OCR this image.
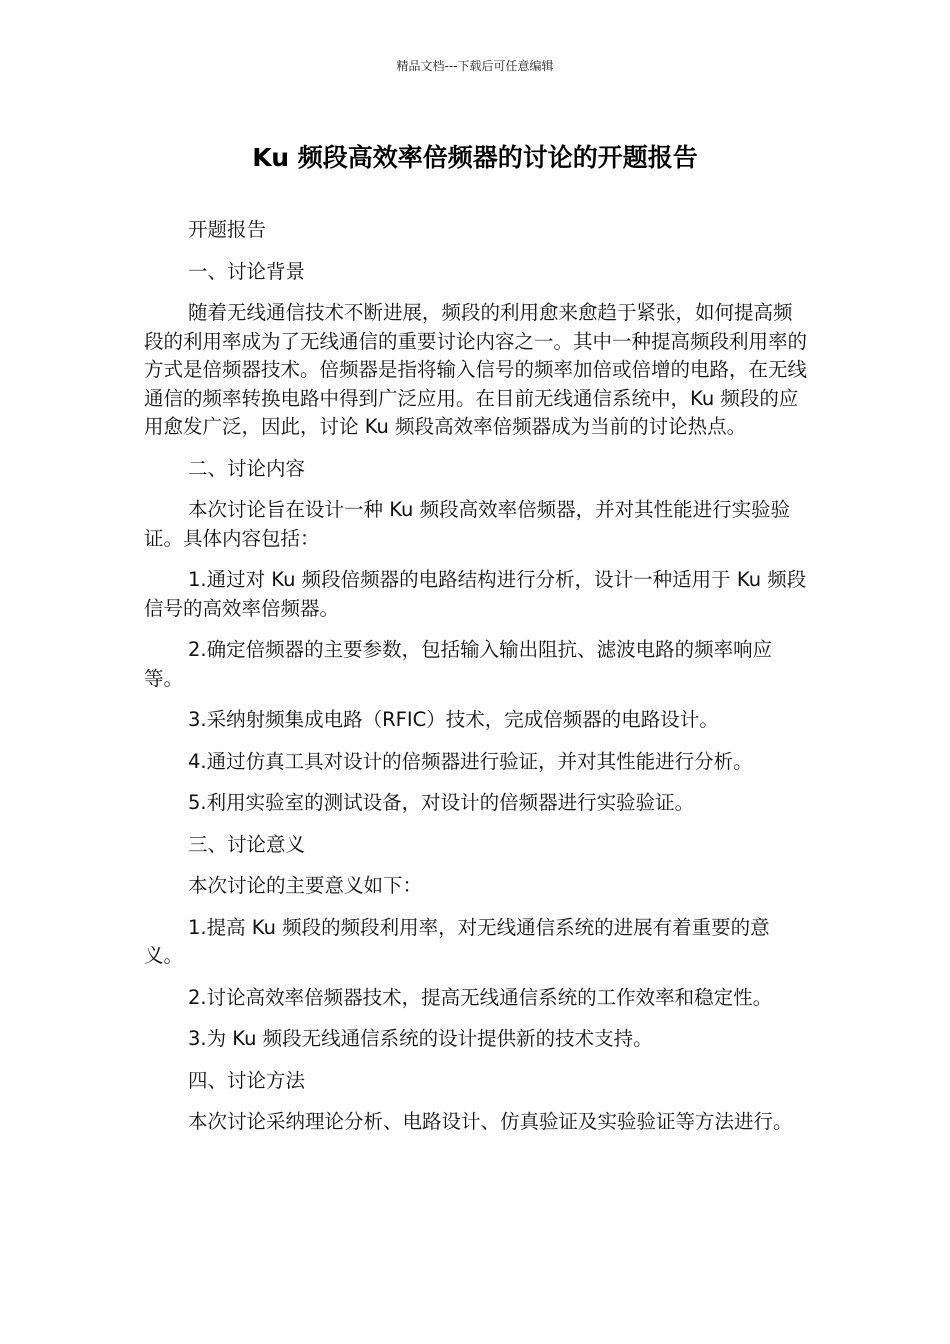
精品文档---下载后可任意编辑
Ku 频段高效率倍频器的讨论的开题报告

开题报告

一、讨论背景

随着无线通信技术不断进展，频段的利用愈来愈趋于紧张，如何提高频段的利用率成为了无线通信的重要讨论内容之一。其中一种提高频段利用率的方式是倍频器技术。倍频器是指将输入信号的频率加倍或倍增的电路，在无线通信的频率转换电路中得到广泛应用。在目前无线通信系统中，Ku 频段的应用愈发广泛，因此，讨论 Ku 频段高效率倍频器成为当前的讨论热点。

二、讨论内容

本次讨论旨在设计一种 Ku 频段高效率倍频器，并对其性能进行实验验证。具体内容包括：

1.通过对 Ku 频段倍频器的电路结构进行分析，设计一种适用于 Ku 频段信号的高效率倍频器。

2.确定倍频器的主要参数，包括输入输出阻抗、滤波电路的频率响应等。

3.采纳射频集成电路（RFIC）技术，完成倍频器的电路设计。

4.通过仿真工具对设计的倍频器进行验证，并对其性能进行分析。

5.利用实验室的测试设备，对设计的倍频器进行实验验证。

三、讨论意义

本次讨论的主要意义如下：

1.提高 Ku 频段的频段利用率，对无线通信系统的进展有着重要的意义。

2.讨论高效率倍频器技术，提高无线通信系统的工作效率和稳定性。

3.为 Ku 频段无线通信系统的设计提供新的技术支持。

四、讨论方法

本次讨论采纳理论分析、电路设计、仿真验证及实验验证等方法进行。
